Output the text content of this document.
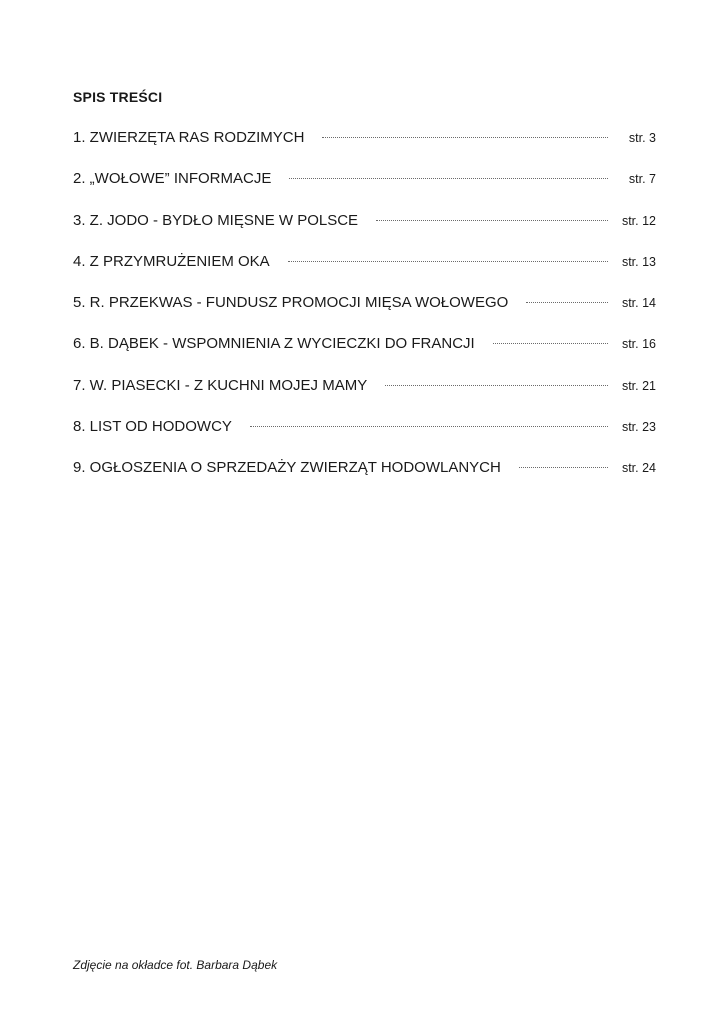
SPIS TREŚCI
1. ZWIERZĘTA RAS RODZIMYCH	str. 3
2. „WOŁOWE” INFORMACJE	str. 7
3. Z. JODO - BYDŁO MIĘSNE W POLSCE	str. 12
4. Z PRZYMRUŻENIEM OKA	str. 13
5. R. PRZEKWAS - FUNDUSZ PROMOCJI MIĘSA WOŁOWEGO	str. 14
6. B. DĄBEK - WSPOMNIENIA Z WYCIECZKI DO FRANCJI	str. 16
7. W. PIASECKI - Z KUCHNI MOJEJ MAMY	str. 21
8. LIST OD HODOWCY	str. 23
9. OGŁOSZENIA O SPRZEDAŻY ZWIERZĄT HODOWLANYCH	str. 24
Zdjęcie na okładce fot. Barbara Dąbek
